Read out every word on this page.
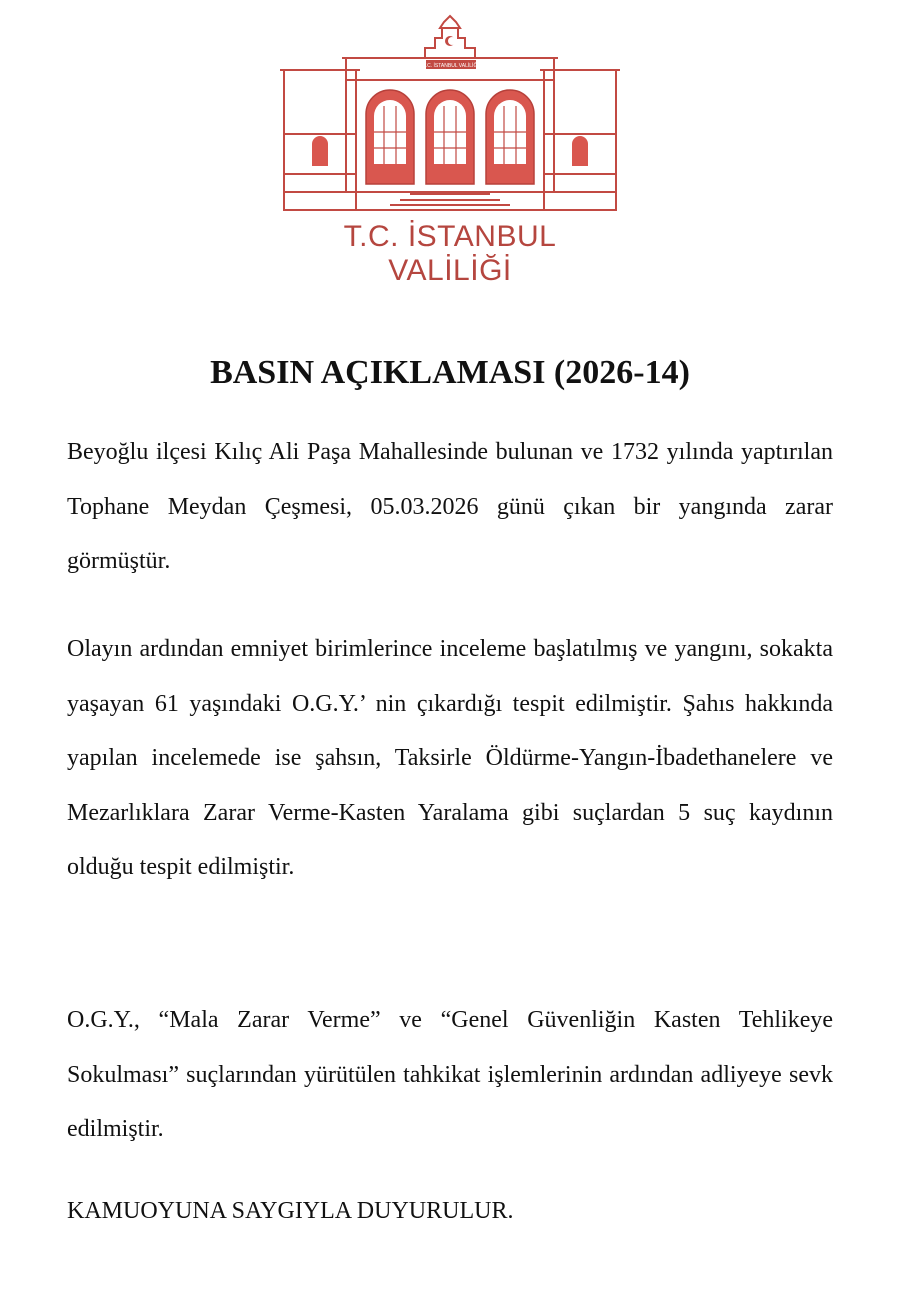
T.C. İSTANBUL VALİLİĞİ
T.C. İSTANBUL VALİLİĞİ
BASIN AÇIKLAMASI (2026-14)

Beyoğlu ilçesi Kılıç Ali Paşa Mahallesinde bulunan ve 1732 yılında yaptırılan Tophane Meydan Çeşmesi, 05.03.2026 günü çıkan bir yangında zarar görmüştür.

Olayın ardından emniyet birimlerince inceleme başlatılmış ve yangını, sokakta yaşayan 61 yaşındaki O.G.Y.’ nin çıkardığı tespit edilmiştir. Şahıs hakkında yapılan incelemede ise şahsın, Taksirle Öldürme-Yangın-İbadethanelere ve Mezarlıklara Zarar Verme-Kasten Yaralama gibi suçlardan 5 suç kaydının olduğu tespit edilmiştir.

O.G.Y., “Mala Zarar Verme” ve “Genel Güvenliğin Kasten Tehlikeye Sokulması” suçlarından yürütülen tahkikat işlemlerinin ardından adliyeye sevk edilmiştir.

KAMUOYUNA SAYGIYLA DUYURULUR.
